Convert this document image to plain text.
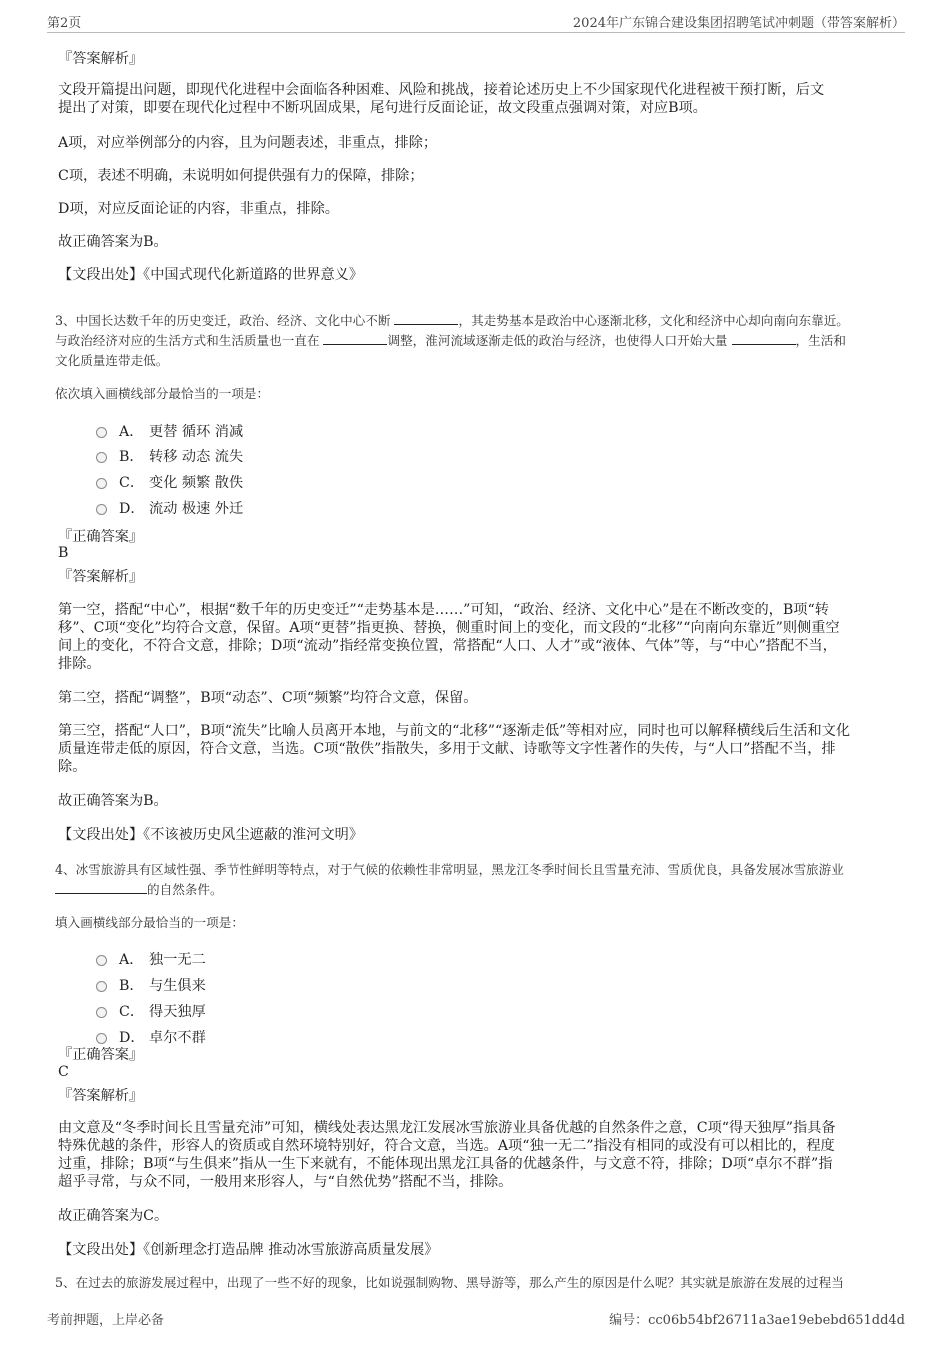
第2页	2024年广东锦合建设集团招聘笔试冲刺题（带答案解析）
『答案解析』

文段开篇提出问题，即现代化进程中会面临各种困难、风险和挑战，接着论述历史上不少国家现代化进程被干预打断，后文

提出了对策，即要在现代化过程中不断巩固成果，尾句进行反面论证，故文段重点强调对策，对应B项。

A项，对应举例部分的内容，且为问题表述，非重点，排除；

C项，表述不明确，未说明如何提供强有力的保障，排除；

D项，对应反面论证的内容，非重点，排除。

故正确答案为B。

【文段出处】《中国式现代化新道路的世界意义》

3、中国长达数千年的历史变迁，政治、经济、文化中心不断	，其走势基本是政治中心逐渐北移，文化和经济中心却向南向东靠近。
与政治经济对应的生活方式和生活质量也一直在	调整，淮河流域逐渐走低的政治与经济，也使得人口开始大量	，生活和
文化质量连带走低。
依次填入画横线部分最恰当的一项是：
A． 更替 循环 消减
B． 转移 动态 流失
C． 变化 频繁 散佚
D． 流动 极速 外迁
『正确答案』
B
『答案解析』

第一空，搭配“中心”，根据“数千年的历史变迁”“走势基本是……”可知，“政治、经济、文化中心”是在不断改变的，B项“转

移”、C项“变化”均符合文意，保留。A项“更替”指更换、替换，侧重时间上的变化，而文段的“北移”“向南向东靠近”则侧重空

间上的变化，不符合文意，排除；D项“流动”指经常变换位置，常搭配“人口、人才”或“液体、气体”等，与“中心”搭配不当，

排除。

第二空，搭配“调整”，B项“动态”、C项“频繁”均符合文意，保留。

第三空，搭配“人口”，B项“流失”比喻人员离开本地，与前文的“北移”“逐渐走低”等相对应，同时也可以解释横线后生活和文化

质量连带走低的原因，符合文意，当选。C项“散佚”指散失，多用于文献、诗歌等文字性著作的失传，与“人口”搭配不当，排

除。

故正确答案为B。

【文段出处】《不该被历史风尘遮蔽的淮河文明》

4、冰雪旅游具有区域性强、季节性鲜明等特点，对于气候的依赖性非常明显，黑龙江冬季时间长且雪量充沛、雪质优良，具备发展冰雪旅游业
的自然条件。
填入画横线部分最恰当的一项是：
A． 独一无二
B． 与生俱来
C． 得天独厚
D． 卓尔不群
『正确答案』
C
『答案解析』

由文意及“冬季时间长且雪量充沛”可知，横线处表达黑龙江发展冰雪旅游业具备优越的自然条件之意，C项“得天独厚”指具备

特殊优越的条件，形容人的资质或自然环境特别好，符合文意，当选。A项“独一无二”指没有相同的或没有可以相比的，程度

过重，排除；B项“与生俱来”指从一生下来就有，不能体现出黑龙江具备的优越条件，与文意不符，排除；D项“卓尔不群”指

超乎寻常，与众不同，一般用来形容人，与“自然优势”搭配不当，排除。

故正确答案为C。

【文段出处】《创新理念打造品牌 推动冰雪旅游高质量发展》

5、在过去的旅游发展过程中，出现了一些不好的现象，比如说强制购物、黑导游等，那么产生的原因是什么呢？其实就是旅游在发展的过程当
考前押题，上岸必备	编号：cc06b54bf26711a3ae19ebebd651dd4d
